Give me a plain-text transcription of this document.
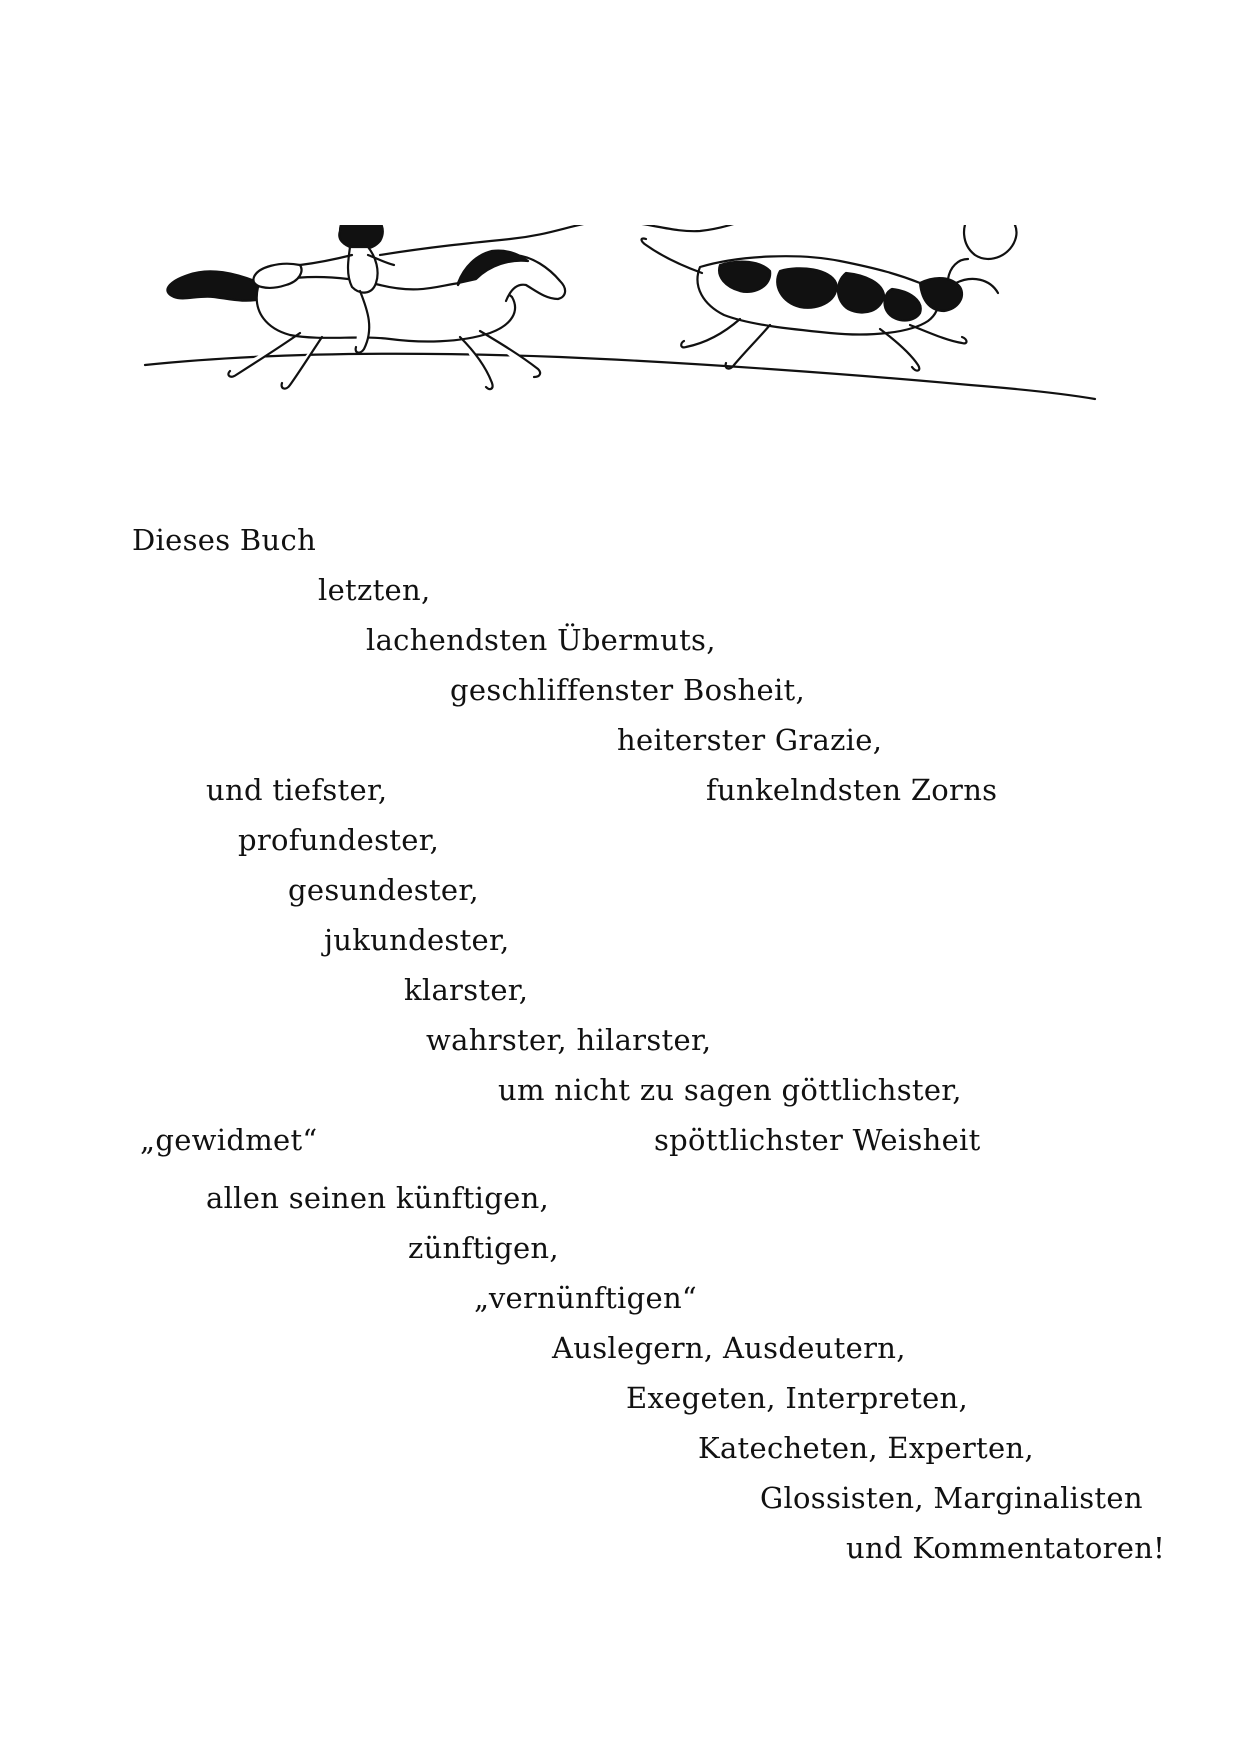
Dieses Buch
letzten,
lachendsten Übermuts,
geschliffenster Bosheit,
heiterster Grazie,
und tiefster,	funkelndsten Zorns
profundester,
gesundester,
jukundester,
klarster,
wahrster, hilarster,
um nicht zu sagen göttlichster,
„gewidmet“	spöttlichster Weisheit
allen seinen künftigen,
zünftigen,
„vernünftigen“
Auslegern, Ausdeutern,
Exegeten, Interpreten,
Katecheten, Experten,
Glossisten, Marginalisten
und Kommentatoren!
